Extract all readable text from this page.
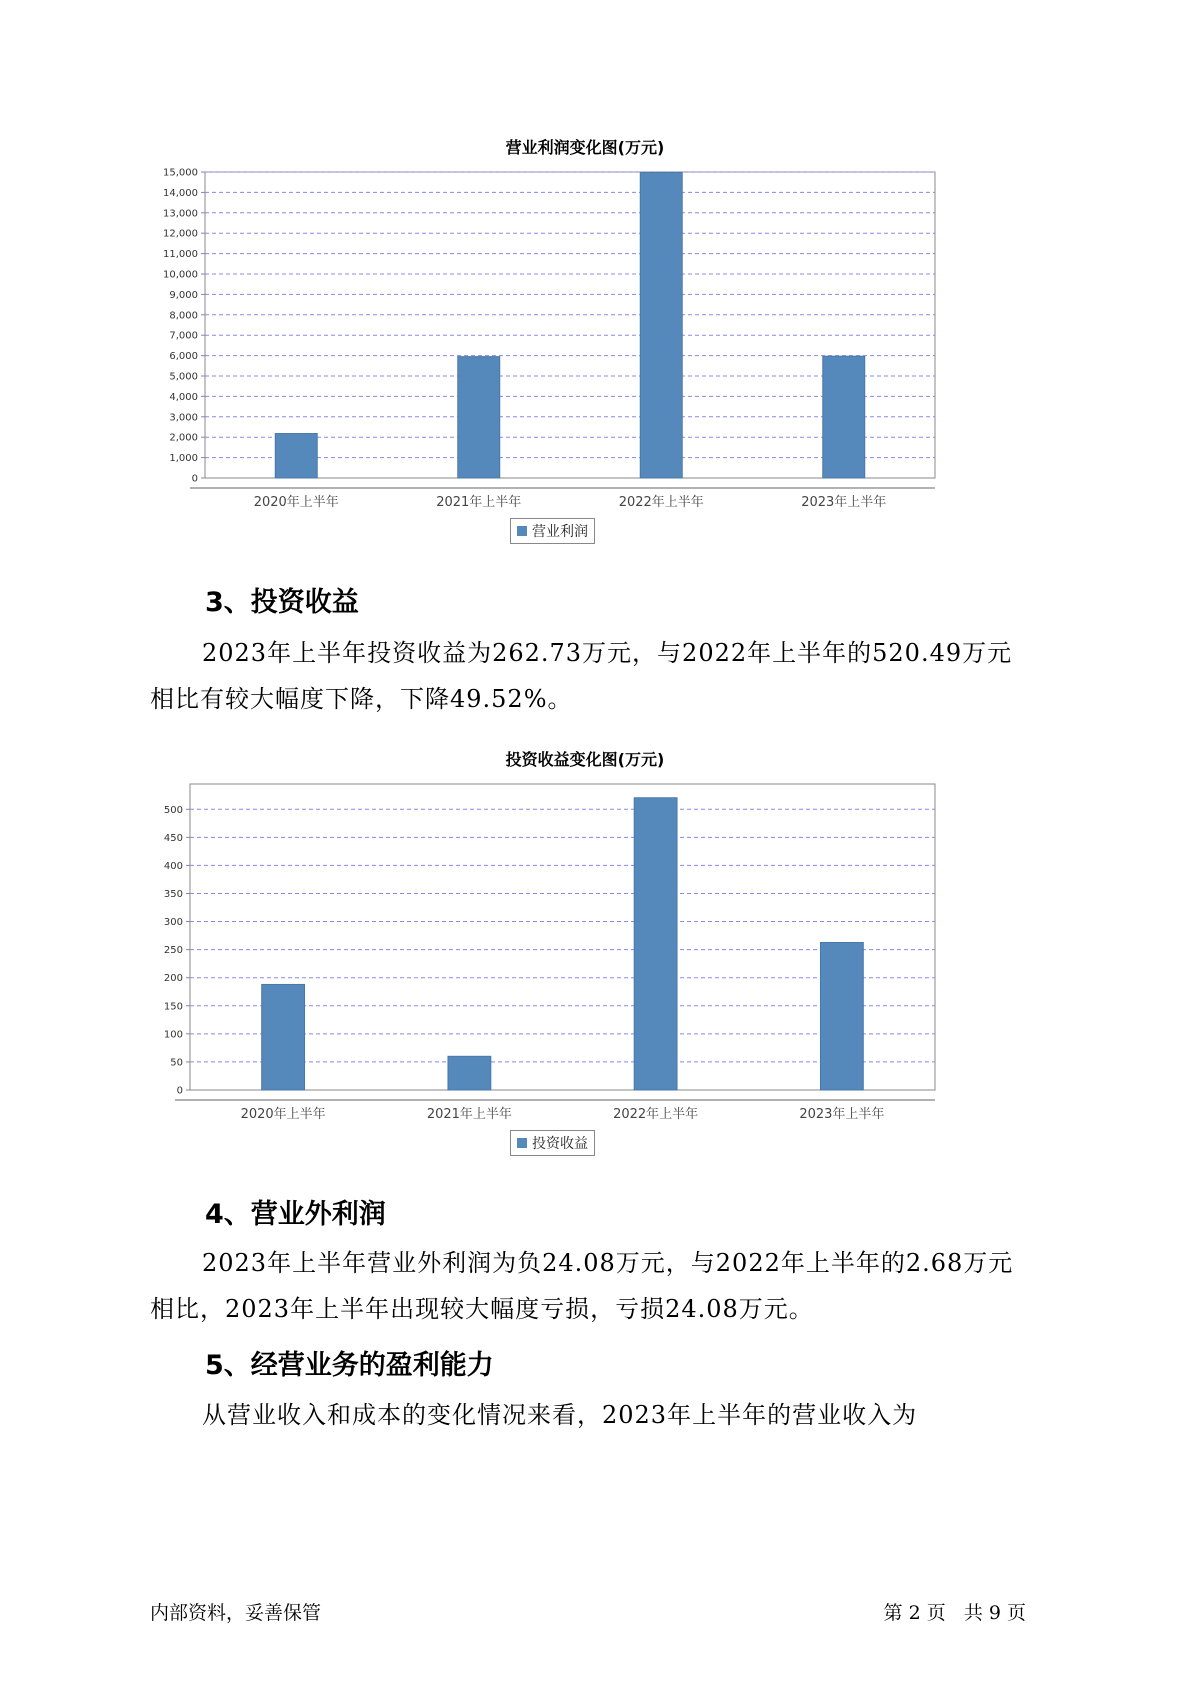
营业利润变化图(万元)
0
1,000
2,000
3,000
4,000
5,000
6,000
7,000
8,000
9,000
10,000
11,000
12,000
13,000
14,000
15,000
2020年上半年	2021年上半年	2022年上半年	2023年上半年
营业利润
3、投资收益
2023年上半年投资收益为262.73万元，与2022年上半年的520.49万元
相比有较大幅度下降，下降49.52%。
投资收益变化图(万元)
0
50
100
150
200
250
300
350
400
450
500
2020年上半年	2021年上半年	2022年上半年	2023年上半年
投资收益
4、营业外利润
2023年上半年营业外利润为负24.08万元，与2022年上半年的2.68万元
相比，2023年上半年出现较大幅度亏损，亏损24.08万元。
5、经营业务的盈利能力
从营业收入和成本的变化情况来看，2023年上半年的营业收入为
内部资料，妥善保管	第 2 页   共 9 页
